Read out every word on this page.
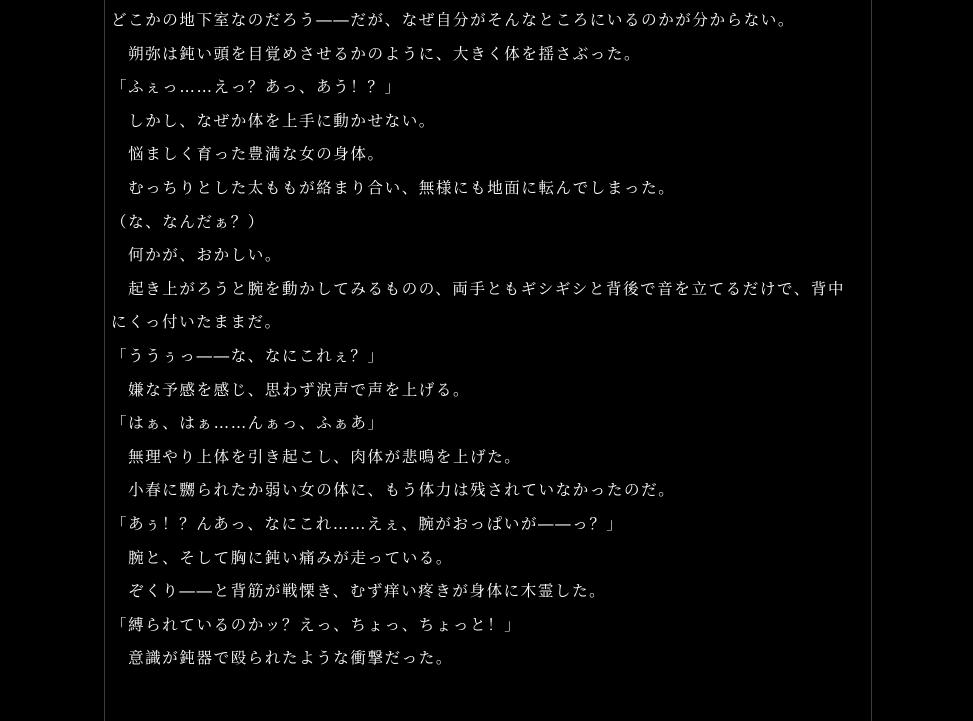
どこかの地下室なのだろう――だが、なぜ自分がそんなところにいるのかが分からない。
　朔弥は鈍い頭を目覚めさせるかのように、大きく体を揺さぶった。
「ふぇっ……えっ？あっ、あう！？」
　しかし、なぜか体を上手に動かせない。
　悩ましく育った豊満な女の身体。
　むっちりとした太ももが絡まり合い、無様にも地面に転んでしまった。
（な、なんだぁ？）
　何かが、おかしい。
　起き上がろうと腕を動かしてみるものの、両手ともギシギシと背後で音を立てるだけで、背中にくっ付いたままだ。
「ううぅっ――な、なにこれぇ？」
　嫌な予感を感じ、思わず涙声で声を上げる。
「はぁ、はぁ……んぁっ、ふぁあ」
　無理やり上体を引き起こし、肉体が悲鳴を上げた。
　小春に嬲られたか弱い女の体に、もう体力は残されていなかったのだ。
「あぅ！？んあっ、なにこれ……えぇ、腕がおっぱいが――っ？」
　腕と、そして胸に鈍い痛みが走っている。
　ぞくり――と背筋が戦慄き、むず痒い疼きが身体に木霊した。
「縛られているのかッ？えっ、ちょっ、ちょっと！」
　意識が鈍器で殴られたような衝撃だった。
